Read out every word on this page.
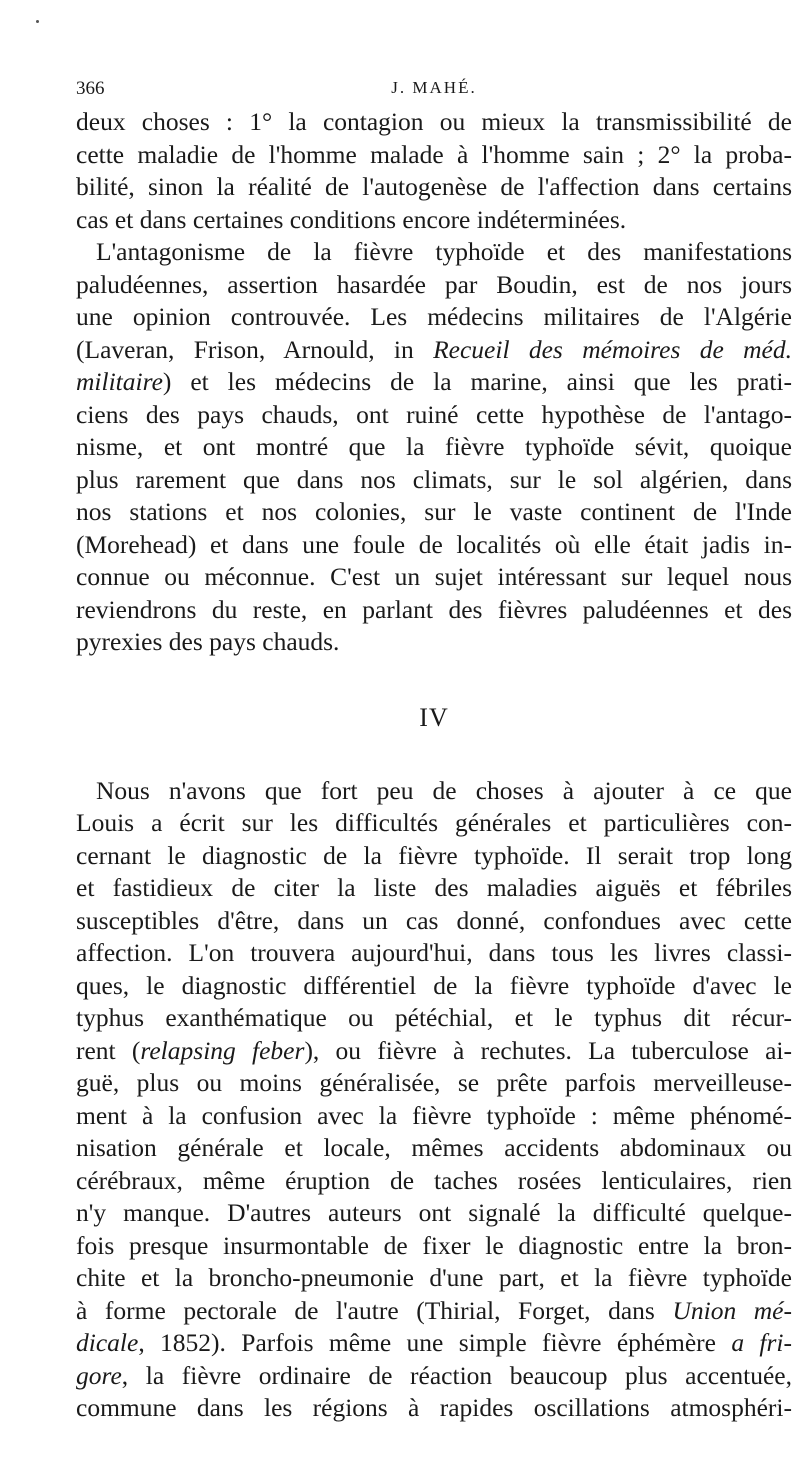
366	J. MAHÉ.
deux choses : 1° la contagion ou mieux la transmissibilité de
cette maladie de l'homme malade à l'homme sain ; 2° la proba-
bilité, sinon la réalité de l'autogenèse de l'affection dans certains
cas et dans certaines conditions encore indéterminées.
L'antagonisme de la fièvre typhoïde et des manifestations
paludéennes, assertion hasardée par Boudin, est de nos jours
une opinion controuvée. Les médecins militaires de l'Algérie
(Laveran, Frison, Arnould, in Recueil des mémoires de méd.
militaire) et les médecins de la marine, ainsi que les prati-
ciens des pays chauds, ont ruiné cette hypothèse de l'antago-
nisme, et ont montré que la fièvre typhoïde sévit, quoique
plus rarement que dans nos climats, sur le sol algérien, dans
nos stations et nos colonies, sur le vaste continent de l'Inde
(Morehead) et dans une foule de localités où elle était jadis in-
connue ou méconnue. C'est un sujet intéressant sur lequel nous
reviendrons du reste, en parlant des fièvres paludéennes et des
pyrexies des pays chauds.
IV
Nous n'avons que fort peu de choses à ajouter à ce que
Louis a écrit sur les difficultés générales et particulières con-
cernant le diagnostic de la fièvre typhoïde. Il serait trop long
et fastidieux de citer la liste des maladies aiguës et fébriles
susceptibles d'être, dans un cas donné, confondues avec cette
affection. L'on trouvera aujourd'hui, dans tous les livres classi-
ques, le diagnostic différentiel de la fièvre typhoïde d'avec le
typhus exanthématique ou pétéchial, et le typhus dit récur-
rent (relapsing feber), ou fièvre à rechutes. La tuberculose ai-
guë, plus ou moins généralisée, se prête parfois merveilleuse-
ment à la confusion avec la fièvre typhoïde : même phénomé-
nisation générale et locale, mêmes accidents abdominaux ou
cérébraux, même éruption de taches rosées lenticulaires, rien
n'y manque. D'autres auteurs ont signalé la difficulté quelque-
fois presque insurmontable de fixer le diagnostic entre la bron-
chite et la broncho-pneumonie d'une part, et la fièvre typhoïde
à forme pectorale de l'autre (Thirial, Forget, dans Union mé-
dicale, 1852). Parfois même une simple fièvre éphémère a fri-
gore, la fièvre ordinaire de réaction beaucoup plus accentuée,
commune dans les régions à rapides oscillations atmosphéri-
